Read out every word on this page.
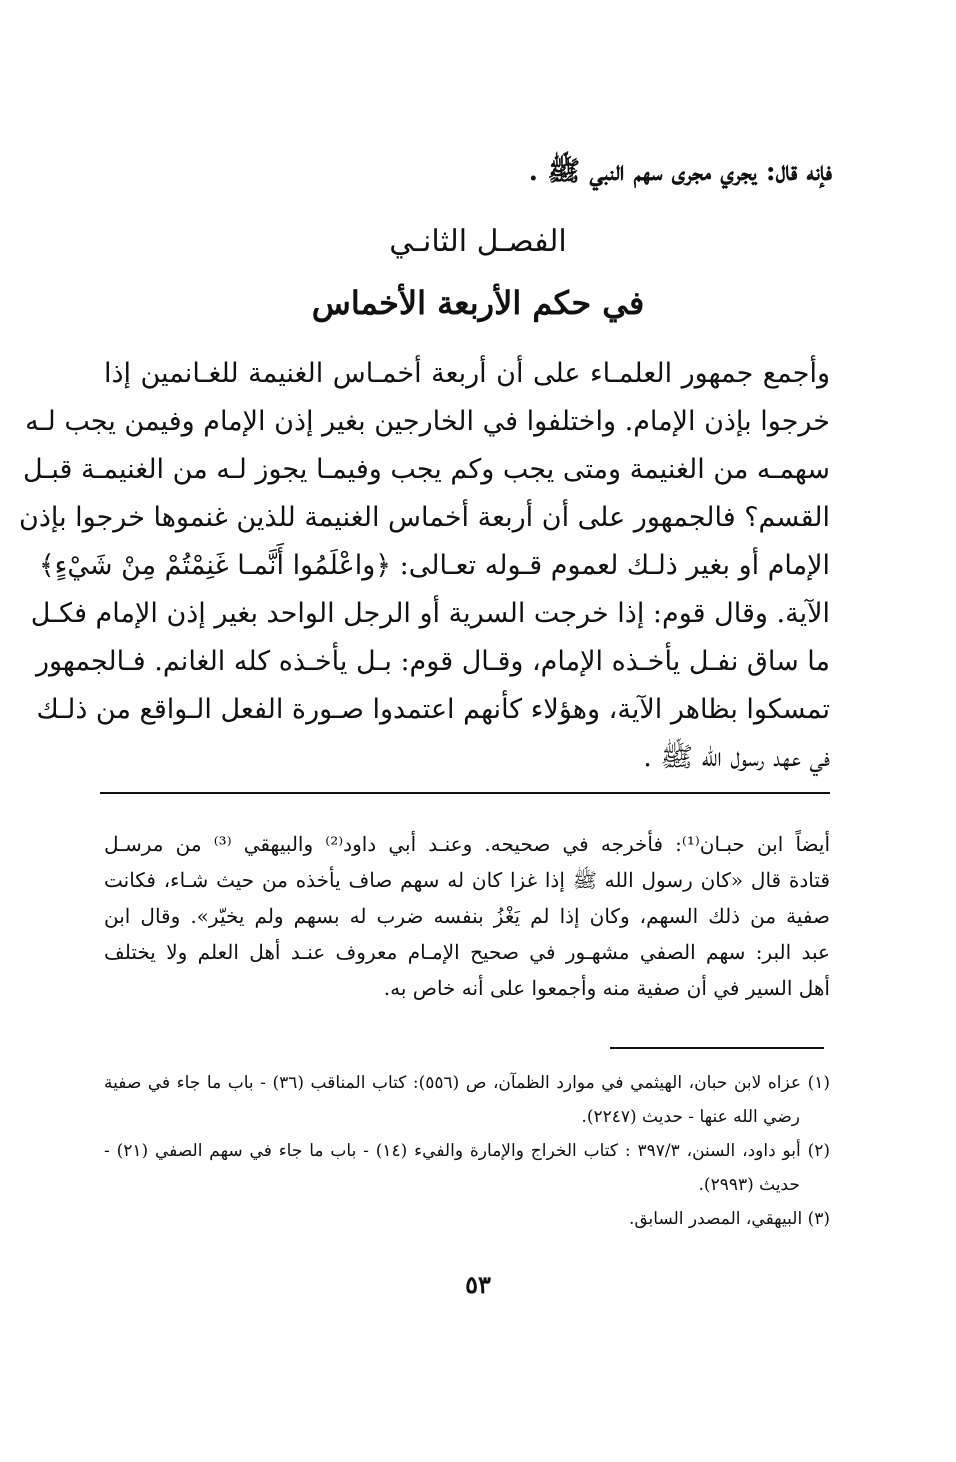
فإنه قال: يجري مجرى سهم النبي ﷺ .
الفصـل الثانـي
في حكم الأربعة الأخماس
وأجمع جمهور العلمـاء على أن أربعة أخمـاس الغنيمة للغـانمين إذا
خرجوا بإذن الإمام. واختلفوا في الخارجين بغير إذن الإمام وفيمن يجب لـه
سهمـه من الغنيمة ومتى يجب وكم يجب وفيمـا يجوز لـه من الغنيمـة قبـل
القسم؟ فالجمهور على أن أربعة أخماس الغنيمة للذين غنموها خرجوا بإذن
الإمام أو بغير ذلـك لعموم قـوله تعـالى: ﴿واعْلَمُوا أَنَّمـا غَنِمْتُمْ مِنْ شَيْءٍ﴾
الآية. وقال قوم: إذا خرجت السرية أو الرجل الواحد بغير إذن الإمام فكـل
ما ساق نفـل يأخـذه الإمام، وقـال قوم: بـل يأخـذه كله الغانم. فـالجمهور
تمسكوا بظاهر الآية، وهؤلاء كأنهم اعتمدوا صـورة الفعل الـواقع من ذلـك
في عهد رسول الله ﷺ .
أيضاً ابن حبـان⁽¹⁾: فأخرجه في صحيحه. وعنـد أبي داود⁽²⁾ والبيهقي ⁽³⁾ من مرسـل
قتادة قال «كان رسول الله ﷺ إذا غزا كان له سهم صاف يأخذه من حيث شـاء، فكانت
صفية من ذلك السهم، وكان إذا لم يَغْزُ بنفسه ضرب له بسهم ولم يخيّر». وقال ابن
عبد البر: سهم الصفي مشهـور في صحيح الإمـام معروف عنـد أهل العلم ولا يختلف
أهل السير في أن صفية منه وأجمعوا على أنه خاص به.
(١) عزاه لابن حبان، الهيثمي في موارد الظمآن، ص (٥٥٦): كتاب المناقب (٣٦) - باب ما جاء في صفية
رضي الله عنها - حديث (٢٢٤٧).
(٢) أبو داود، السنن، ٣٩٧/٣ : كتاب الخراج والإمارة والفيء (١٤) - باب ما جاء في سهم الصفي (٢١) -
حديث (٢٩٩٣).
(٣) البيهقي، المصدر السابق.
٥٣
